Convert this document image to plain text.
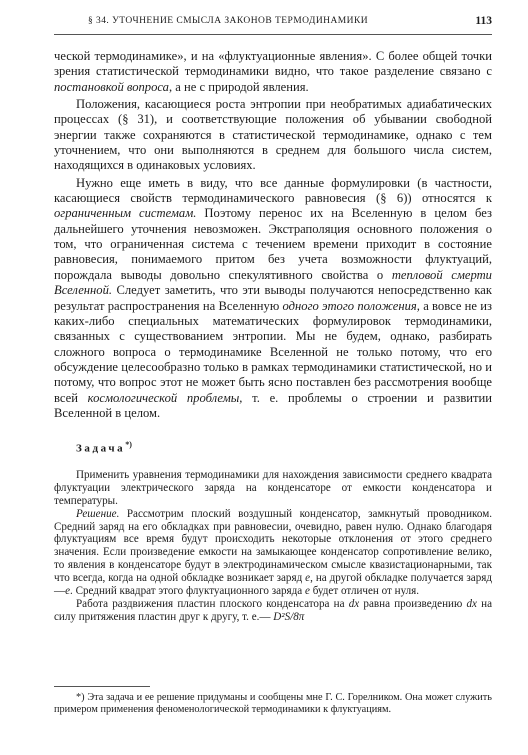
§ 34. УТОЧНЕНИЕ СМЫСЛА ЗАКОНОВ ТЕРМОДИНАМИКИ	113

ческой термодинамике», и на «флуктуационные явления». С более общей точки зрения статистической термодинамики видно, что такое разделение связано с постановкой вопроса, а не с природой явления.

Положения, касающиеся роста энтропии при необратимых адиабатических процессах (§ 31), и соответствующие положения об убывании свободной энергии также сохраняются в статистической термодинамике, однако с тем уточнением, что они выполняются в среднем для большого числа систем, находящихся в одинаковых условиях.

Нужно еще иметь в виду, что все данные формулировки (в частности, касающиеся свойств термодинамического равновесия (§ 6)) относятся к ограниченным системам. Поэтому перенос их на Вселенную в целом без дальнейшего уточнения невозможен. Экстраполяция основного положения о том, что ограниченная система с течением времени приходит в состояние равновесия, понимаемого притом без учета возможности флуктуаций, порождала выводы довольно спекулятивного свойства о тепловой смерти Вселенной. Следует заметить, что эти выводы получаются непосредственно как результат распространения на Вселенную одного этого положения, а вовсе не из каких-либо специальных математических формулировок термодинамики, связанных с существованием энтропии. Мы не будем, однако, разбирать сложного вопроса о термодинамике Вселенной не только потому, что его обсуждение целесообразно только в рамках термодинамики статистической, но и потому, что вопрос этот не может быть ясно поставлен без рассмотрения вообще всей космологической проблемы, т. е. проблемы о строении и развитии Вселенной в целом.

Задача*)

Применить уравнения термодинамики для нахождения зависимости среднего квадрата флуктуации электрического заряда на конденсаторе от емкости конденсатора и температуры.

Решение. Рассмотрим плоский воздушный конденсатор, замкнутый проводником. Средний заряд на его обкладках при равновесии, очевидно, равен нулю. Однако благодаря флуктуациям все время будут происходить некоторые отклонения от этого среднего значения. Если произведение емкости на замыкающее конденсатор сопротивление велико, то явления в конденсаторе будут в электродинамическом смысле квазистационарными, так что всегда, когда на одной обкладке возникает заряд e, на другой обкладке получается заряд —e. Средний квадрат этого флуктуационного заряда e будет отличен от нуля.

Работа раздвижения пластин плоского конденсатора на dx равна произведению dx на силу притяжения пластин друг к другу, т. е.— D²S/8π

*) Эта задача и ее решение придуманы и сообщены мне Г. С. Горелником. Она может служить примером применения феноменологической термодинамики к флуктуациям.
